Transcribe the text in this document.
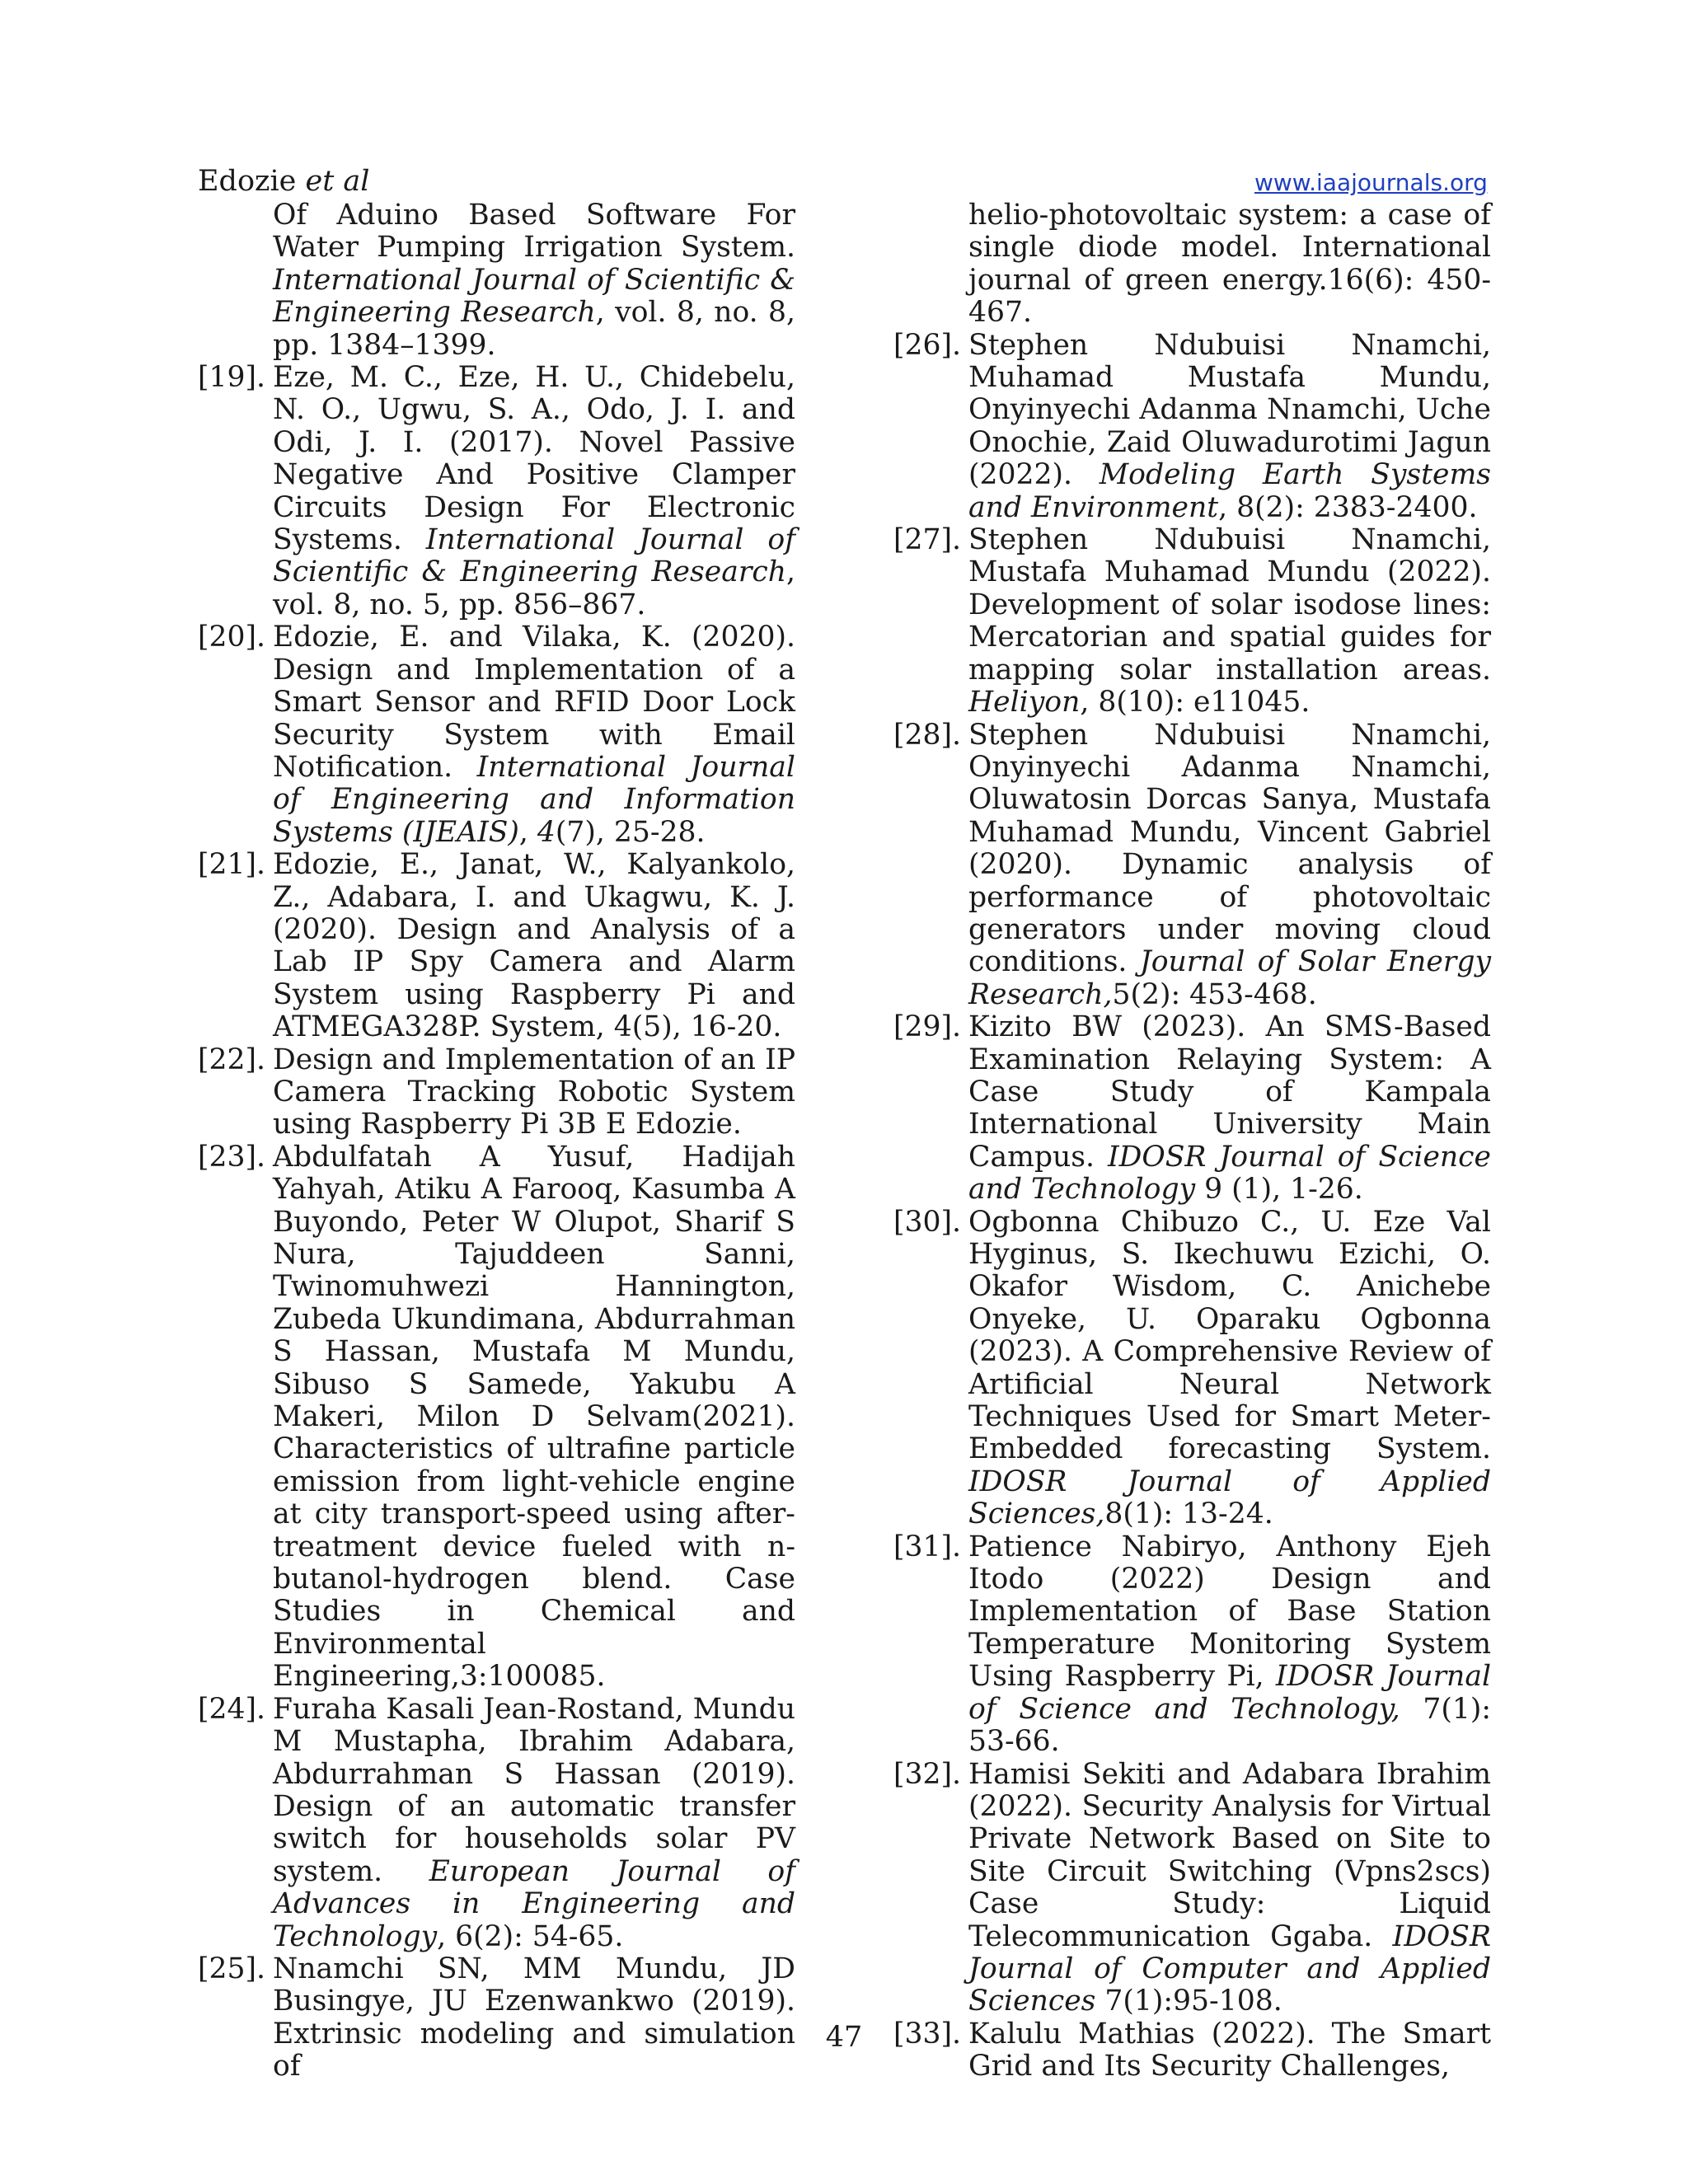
Edozie et al	www.iaajournals.org
Of Aduino Based Software For Water Pumping Irrigation System. International Journal of Scientific & Engineering Research, vol. 8, no. 8, pp. 1384–1399.
[19]. Eze, M. C., Eze, H. U., Chidebelu, N. O., Ugwu, S. A., Odo, J. I. and Odi, J. I. (2017). Novel Passive Negative And Positive Clamper Circuits Design For Electronic Systems. International Journal of Scientific & Engineering Research, vol. 8, no. 5, pp. 856–867.
[20]. Edozie, E. and Vilaka, K. (2020). Design and Implementation of a Smart Sensor and RFID Door Lock Security System with Email Notification. International Journal of Engineering and Information Systems (IJEAIS), 4(7), 25-28.
[21]. Edozie, E., Janat, W., Kalyankolo, Z., Adabara, I. and Ukagwu, K. J. (2020). Design and Analysis of a Lab IP Spy Camera and Alarm System using Raspberry Pi and ATMEGA328P. System, 4(5), 16-20.
[22]. Design and Implementation of an IP Camera Tracking Robotic System using Raspberry Pi 3B E Edozie.
[23]. Abdulfatah A Yusuf, Hadijah Yahyah, Atiku A Farooq, Kasumba A Buyondo, Peter W Olupot, Sharif S Nura, Tajuddeen Sanni, Twinomuhwezi Hannington, Zubeda Ukundimana, Abdurrahman S Hassan, Mustafa M Mundu, Sibuso S Samede, Yakubu A Makeri, Milon D Selvam(2021). Characteristics of ultrafine particle emission from light-vehicle engine at city transport-speed using after-treatment device fueled with n-butanol-hydrogen blend. Case Studies in Chemical and Environmental Engineering,3:100085.
[24]. Furaha Kasali Jean-Rostand, Mundu M Mustapha, Ibrahim Adabara, Abdurrahman S Hassan (2019). Design of an automatic transfer switch for households solar PV system. European Journal of Advances in Engineering and Technology, 6(2): 54-65.
[25]. Nnamchi SN, MM Mundu, JD Busingye, JU Ezenwankwo (2019). Extrinsic modeling and simulation of
helio-photovoltaic system: a case of single diode model. International journal of green energy.16(6): 450-467.
[26]. Stephen Ndubuisi Nnamchi, Muhamad Mustafa Mundu, Onyinyechi Adanma Nnamchi, Uche Onochie, Zaid Oluwadurotimi Jagun (2022). Modeling Earth Systems and Environment, 8(2): 2383-2400.
[27]. Stephen Ndubuisi Nnamchi, Mustafa Muhamad Mundu (2022). Development of solar isodose lines: Mercatorian and spatial guides for mapping solar installation areas. Heliyon, 8(10): e11045.
[28]. Stephen Ndubuisi Nnamchi, Onyinyechi Adanma Nnamchi, Oluwatosin Dorcas Sanya, Mustafa Muhamad Mundu, Vincent Gabriel (2020). Dynamic analysis of performance of photovoltaic generators under moving cloud conditions. Journal of Solar Energy Research,5(2): 453-468.
[29]. Kizito BW (2023). An SMS-Based Examination Relaying System: A Case Study of Kampala International University Main Campus. IDOSR Journal of Science and Technology 9 (1), 1-26.
[30]. Ogbonna Chibuzo C., U. Eze Val Hyginus, S. Ikechuwu Ezichi, O. Okafor Wisdom, C. Anichebe Onyeke, U. Oparaku Ogbonna (2023). A Comprehensive Review of Artificial Neural Network Techniques Used for Smart Meter-Embedded forecasting System. IDOSR Journal of Applied Sciences,8(1): 13-24.
[31]. Patience Nabiryo, Anthony Ejeh Itodo (2022) Design and Implementation of Base Station Temperature Monitoring System Using Raspberry Pi, IDOSR Journal of Science and Technology, 7(1): 53-66.
[32]. Hamisi Sekiti and Adabara Ibrahim (2022). Security Analysis for Virtual Private Network Based on Site to Site Circuit Switching (Vpns2scs) Case Study: Liquid Telecommunication Ggaba. IDOSR Journal of Computer and Applied Sciences 7(1):95-108.
[33]. Kalulu Mathias (2022). The Smart Grid and Its Security Challenges,
47
